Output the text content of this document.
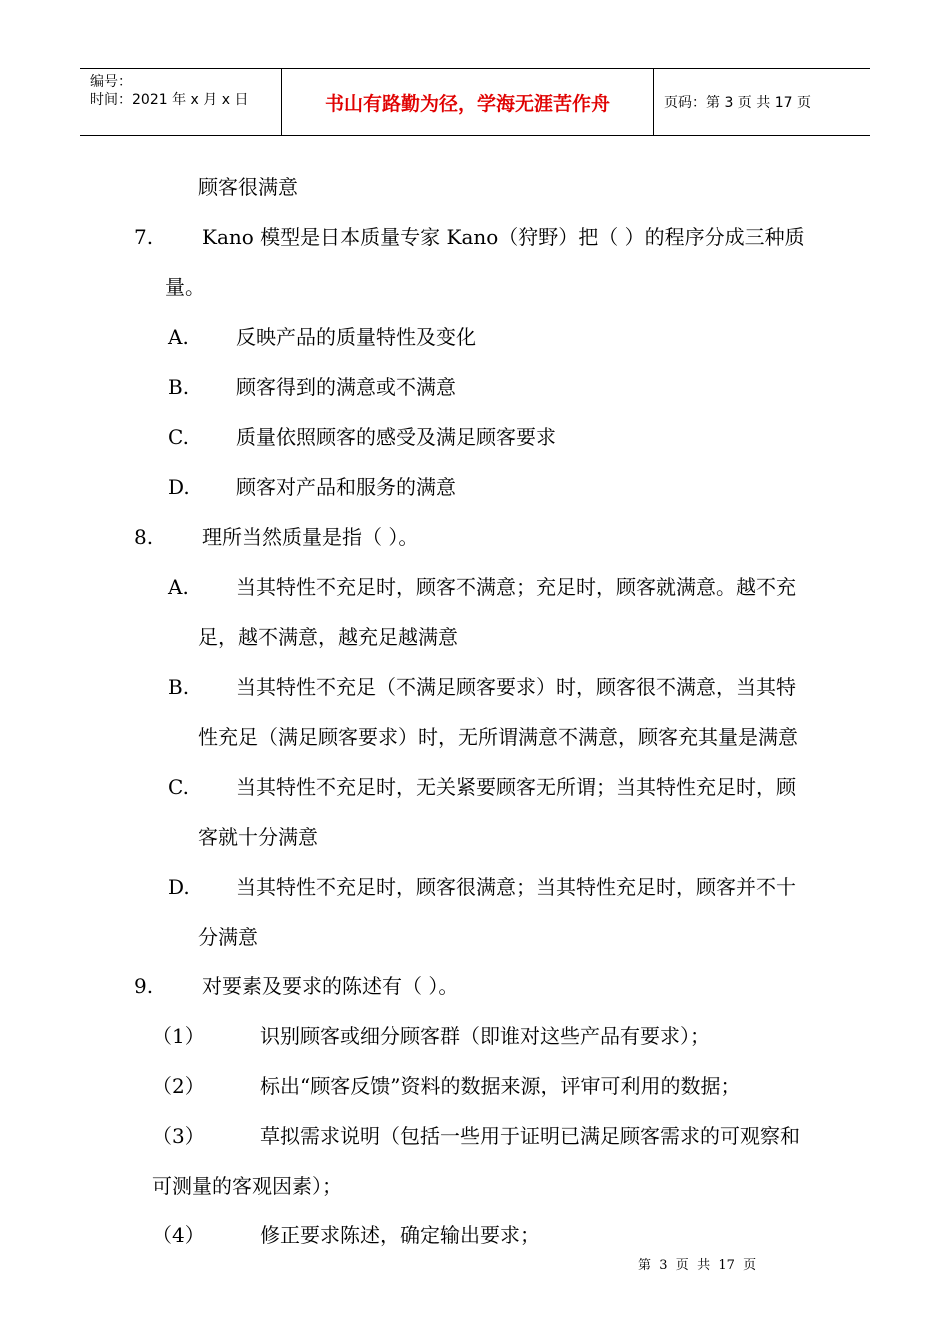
编号：
时间：2021 年 x 月 x 日	书山有路勤为径，学海无涯苦作舟	页码：第 3 页 共 17 页
顾客很满意
7. Kano 模型是日本质量专家 Kano（狩野）把（ ）的程序分成三种质
量。
A. 反映产品的质量特性及变化
B. 顾客得到的满意或不满意
C. 质量依照顾客的感受及满足顾客要求
D. 顾客对产品和服务的满意
8. 理所当然质量是指（ ）。
A. 当其特性不充足时，顾客不满意；充足时，顾客就满意。越不充
足，越不满意，越充足越满意
B. 当其特性不充足（不满足顾客要求）时，顾客很不满意，当其特
性充足（满足顾客要求）时，无所谓满意不满意，顾客充其量是满意
C. 当其特性不充足时，无关紧要顾客无所谓；当其特性充足时，顾
客就十分满意
D. 当其特性不充足时，顾客很满意；当其特性充足时，顾客并不十
分满意
9. 对要素及要求的陈述有（ ）。
（1）	识别顾客或细分顾客群（即谁对这些产品有要求）；
（2）	标出“顾客反馈”资料的数据来源，评审可利用的数据；
（3）	草拟需求说明（包括一些用于证明已满足顾客需求的可观察和
可测量的客观因素）；
（4）	修正要求陈述，确定输出要求；
第  3  页  共  17  页
